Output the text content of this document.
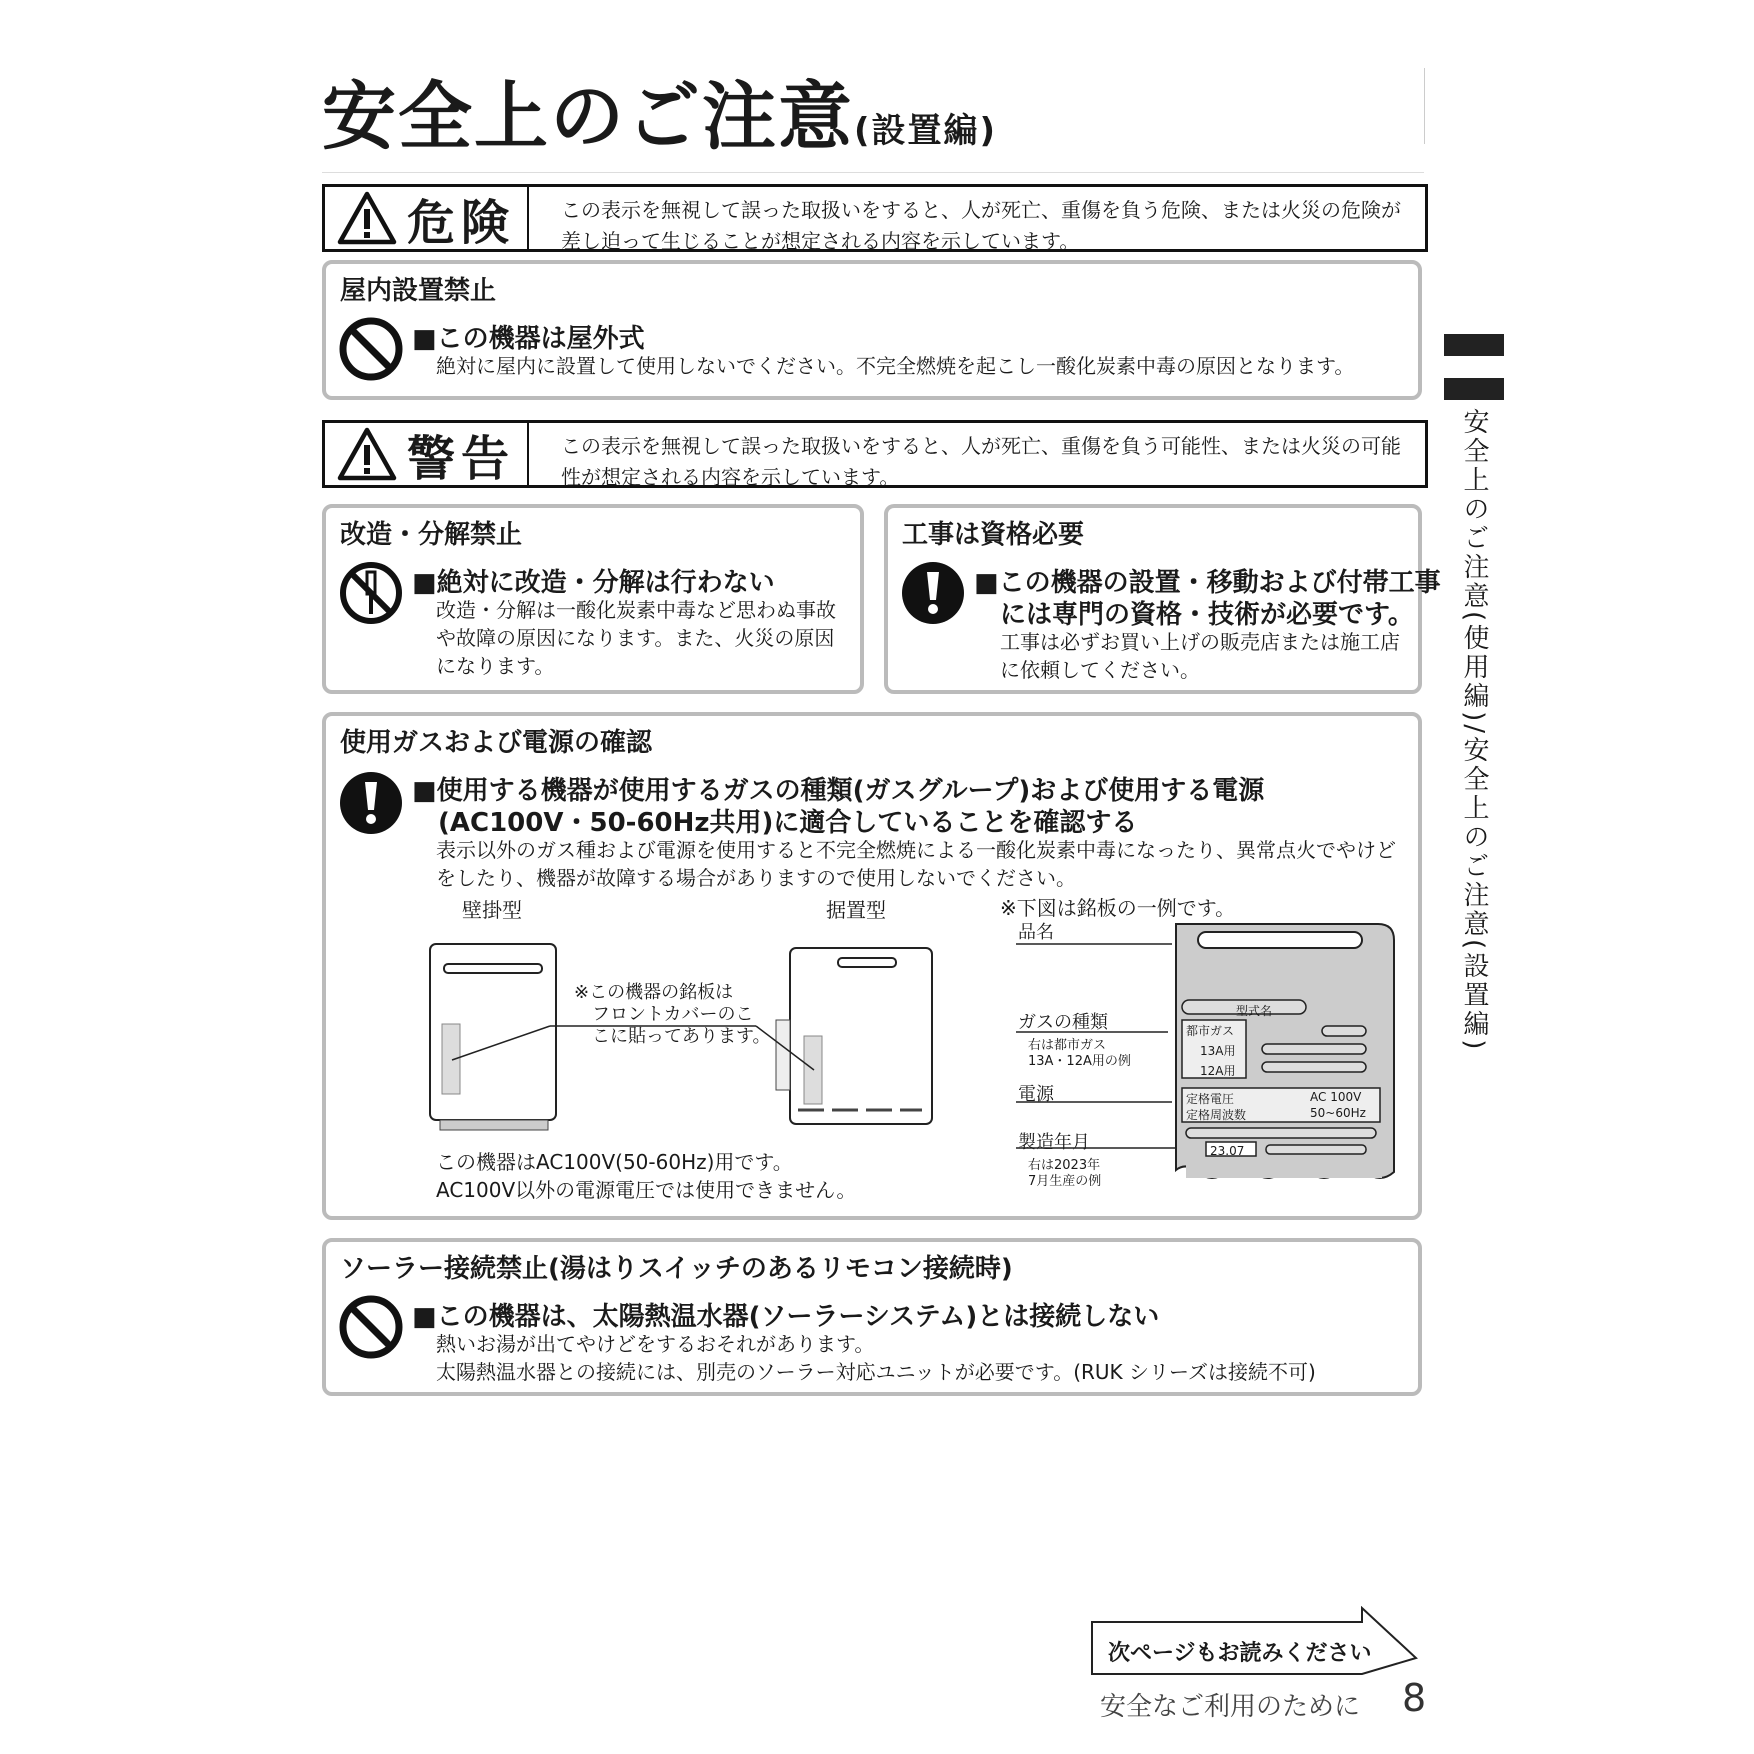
安全上のご注意(設置編)
危険 この表示を無視して誤った取扱いをすると、人が死亡、重傷を負う危険、または火災の危険が差し迫って生じることが想定される内容を示しています。
屋内設置禁止
■この機器は屋外式
絶対に屋内に設置して使用しないでください。不完全燃焼を起こし一酸化炭素中毒の原因となります。
警告 この表示を無視して誤った取扱いをすると、人が死亡、重傷を負う可能性、または火災の可能性が想定される内容を示しています。
改造・分解禁止
■絶対に改造・分解は行わない
改造・分解は一酸化炭素中毒など思わぬ事故や故障の原因になります。また、火災の原因になります。
工事は資格必要
■この機器の設置・移動および付帯工事
には専門の資格・技術が必要です。
工事は必ずお買い上げの販売店または施工店に依頼してください。
使用ガスおよび電源の確認
■使用する機器が使用するガスの種類(ガスグループ)および使用する電源
(AC100V・50-60Hz共用)に適合していることを確認する
表示以外のガス種および電源を使用すると不完全燃焼による一酸化炭素中毒になったり、異常点火でやけどをしたり、機器が故障する場合がありますので使用しないでください。
壁掛型	据置型
※この機器の銘板は
フロントカバーのこ
こに貼ってあります。
この機器はAC100V(50-60Hz)用です。
AC100V以外の電源電圧では使用できません。
※下図は銘板の一例です。
品名
ガスの種類
右は都市ガス
13A・12A用の例
電源
製造年月
右は2023年
7月生産の例
型式名
都市ガス
13A用
12A用
定格電圧	AC 100V
定格周波数	50~60Hz
23.07
ソーラー接続禁止(湯はりスイッチのあるリモコン接続時)
■この機器は、太陽熱温水器(ソーラーシステム)とは接続しない
熱いお湯が出てやけどをするおそれがあります。
太陽熱温水器との接続には、別売のソーラー対応ユニットが必要です。(RUK シリーズは接続不可)
安全上のご注意(使用編)/安全上のご注意(設置編)
次ページもお読みください
安全なご利用のために 8
